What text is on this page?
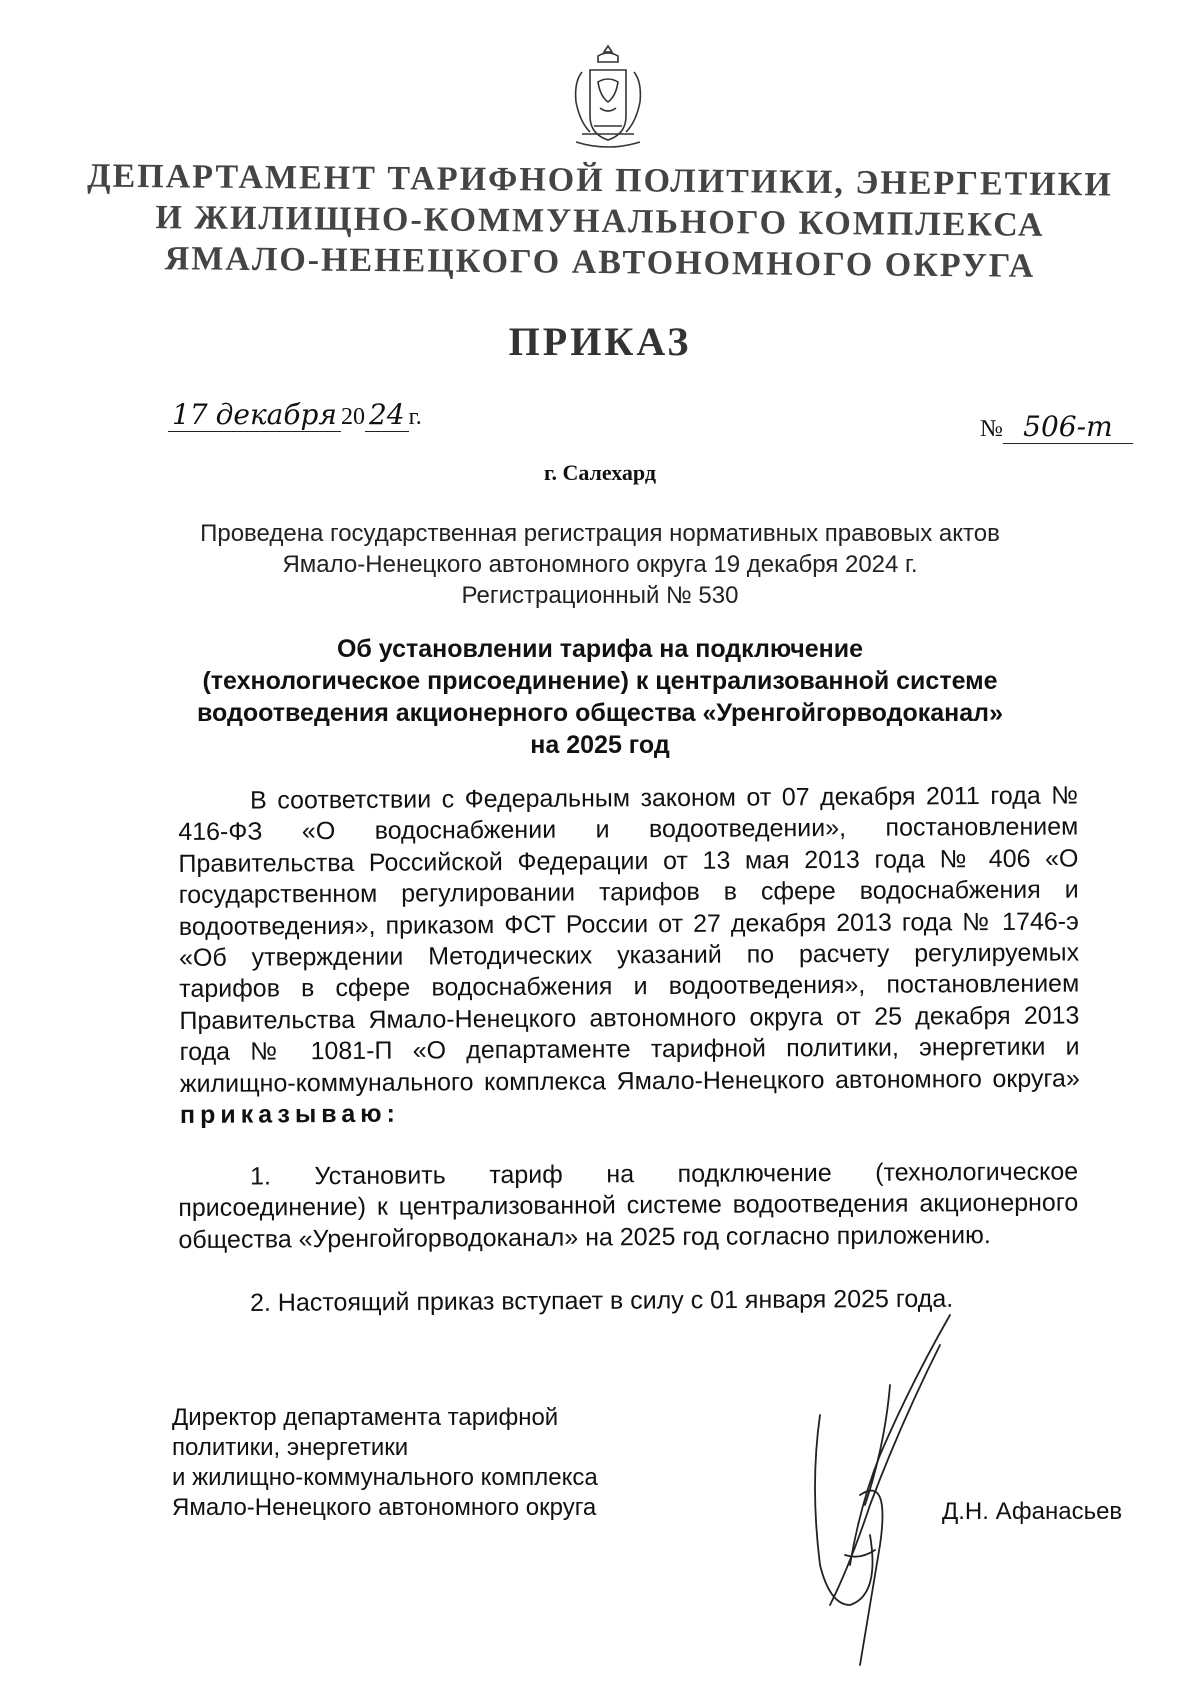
ДЕПАРТАМЕНТ ТАРИФНОЙ ПОЛИТИКИ, ЭНЕРГЕТИКИ
И ЖИЛИЩНО-КОММУНАЛЬНОГО КОМПЛЕКСА
ЯМАЛО-НЕНЕЦКОГО АВТОНОМНОГО ОКРУГА
ПРИКАЗ
17 декабря 20 24 г.	№ 506-т
г. Салехард
Проведена государственная регистрация нормативных правовых актов
Ямало-Ненецкого автономного округа 19 декабря 2024 г.
Регистрационный № 530
Об установлении тарифа на подключение
(технологическое присоединение) к централизованной системе
водоотведения акционерного общества «Уренгойгорводоканал»
на 2025 год
В соответствии с Федеральным законом от 07 декабря 2011 года № 416-ФЗ «О водоснабжении и водоотведении», постановлением Правительства Российской Федерации от 13 мая 2013 года № 406 «О государственном регулировании тарифов в сфере водоснабжения и водоотведения», приказом ФСТ России от 27 декабря 2013 года № 1746-э «Об утверждении Методических указаний по расчету регулируемых тарифов в сфере водоснабжения и водоотведения», постановлением Правительства Ямало-Ненецкого автономного округа от 25 декабря 2013 года № 1081-П «О департаменте тарифной политики, энергетики и жилищно-коммунального комплекса Ямало-Ненецкого автономного округа» приказываю:
1. Установить тариф на подключение (технологическое присоединение) к централизованной системе водоотведения акционерного общества «Уренгойгорводоканал» на 2025 год согласно приложению.
2. Настоящий приказ вступает в силу с 01 января 2025 года.
Директор департамента тарифной
политики, энергетики
и жилищно-коммунального комплекса
Ямало-Ненецкого автономного округа	Д.Н. Афанасьев
